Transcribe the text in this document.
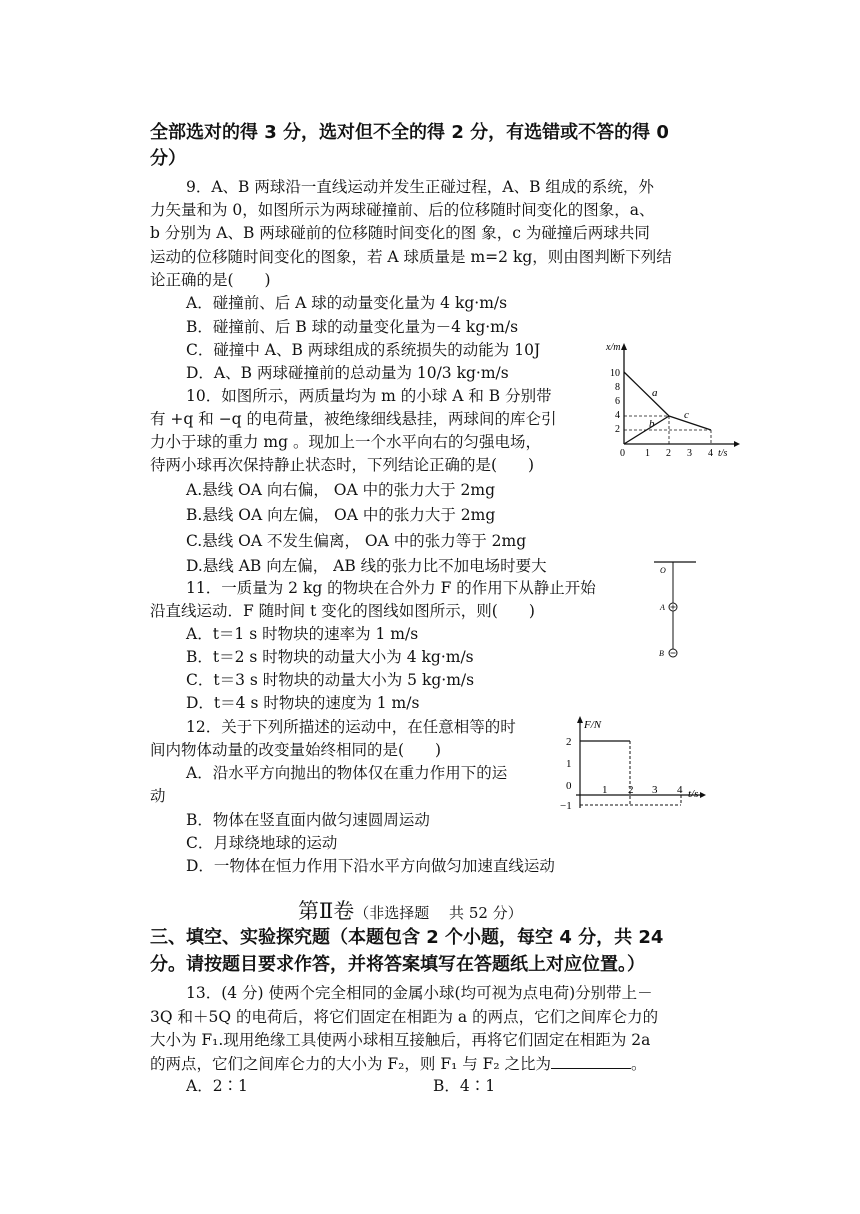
全部选对的得 3 分，选对但不全的得 2 分，有选错或不答的得 0
分）
9．A、B 两球沿一直线运动并发生正碰过程，A、B 组成的系统，外
力矢量和为 0，如图所示为两球碰撞前、后的位移随时间变化的图象，a、
b 分别为 A、B 两球碰前的位移随时间变化的图 象，c 为碰撞后两球共同
运动的位移随时间变化的图象，若 A 球质量是 m=2 kg，则由图判断下列结
论正确的是(　　)
A．碰撞前、后 A 球的动量变化量为 4 kg·m/s
B．碰撞前、后 B 球的动量变化量为－4 kg·m/s
C．碰撞中 A、B 两球组成的系统损失的动能为 10J
D．A、B 两球碰撞前的总动量为 10/3 kg·m/s
10．如图所示，两质量均为 m 的小球 A 和 B 分别带
有 +q 和 −q 的电荷量，被绝缘细线悬挂，两球间的库仑引
力小于球的重力 mg 。现加上一个水平向右的匀强电场，
待两小球再次保持静止状态时，下列结论正确的是(　　)
A.悬线 OA 向右偏， OA 中的张力大于 2mg
B.悬线 OA 向左偏， OA 中的张力大于 2mg
C.悬线 OA 不发生偏离， OA 中的张力等于 2mg
D.悬线 AB 向左偏， AB 线的张力比不加电场时要大
11．一质量为 2 kg 的物块在合外力 F 的作用下从静止开始
沿直线运动．F 随时间 t 变化的图线如图所示，则(　　)
A．t＝1 s 时物块的速率为 1 m/s
B．t＝2 s 时物块的动量大小为 4 kg·m/s
C．t＝3 s 时物块的动量大小为 5 kg·m/s
D．t＝4 s 时物块的速度为 1 m/s
12．关于下列所描述的运动中，在任意相等的时
间内物体动量的改变量始终相同的是(　　)
A．沿水平方向抛出的物体仅在重力作用下的运
动
B．物体在竖直面内做匀速圆周运动
C．月球绕地球的运动
D．一物体在恒力作用下沿水平方向做匀加速直线运动
第Ⅱ卷（非选择题　 共 52 分）
三、填空、实验探究题（本题包含 2 个小题，每空 4 分，共 24
分。请按题目要求作答，并将答案填写在答题纸上对应位置。）
13．(4 分) 使两个完全相同的金属小球(均可视为点电荷)分别带上－
3Q 和＋5Q 的电荷后，将它们固定在相距为 a 的两点，它们之间库仑力的
大小为 F₁.现用绝缘工具使两小球相互接触后，再将它们固定在相距为 2a
的两点，它们之间库仑力的大小为 F₂，则 F₁ 与 F₂ 之比为	。
A．2∶1	B．4∶1
x/m
t/s
10
8
6
4
2
0 1 2 3 4
a
b
c
O
A
B
F/N
t/s
2
1
0
−1
1 2 3 4
